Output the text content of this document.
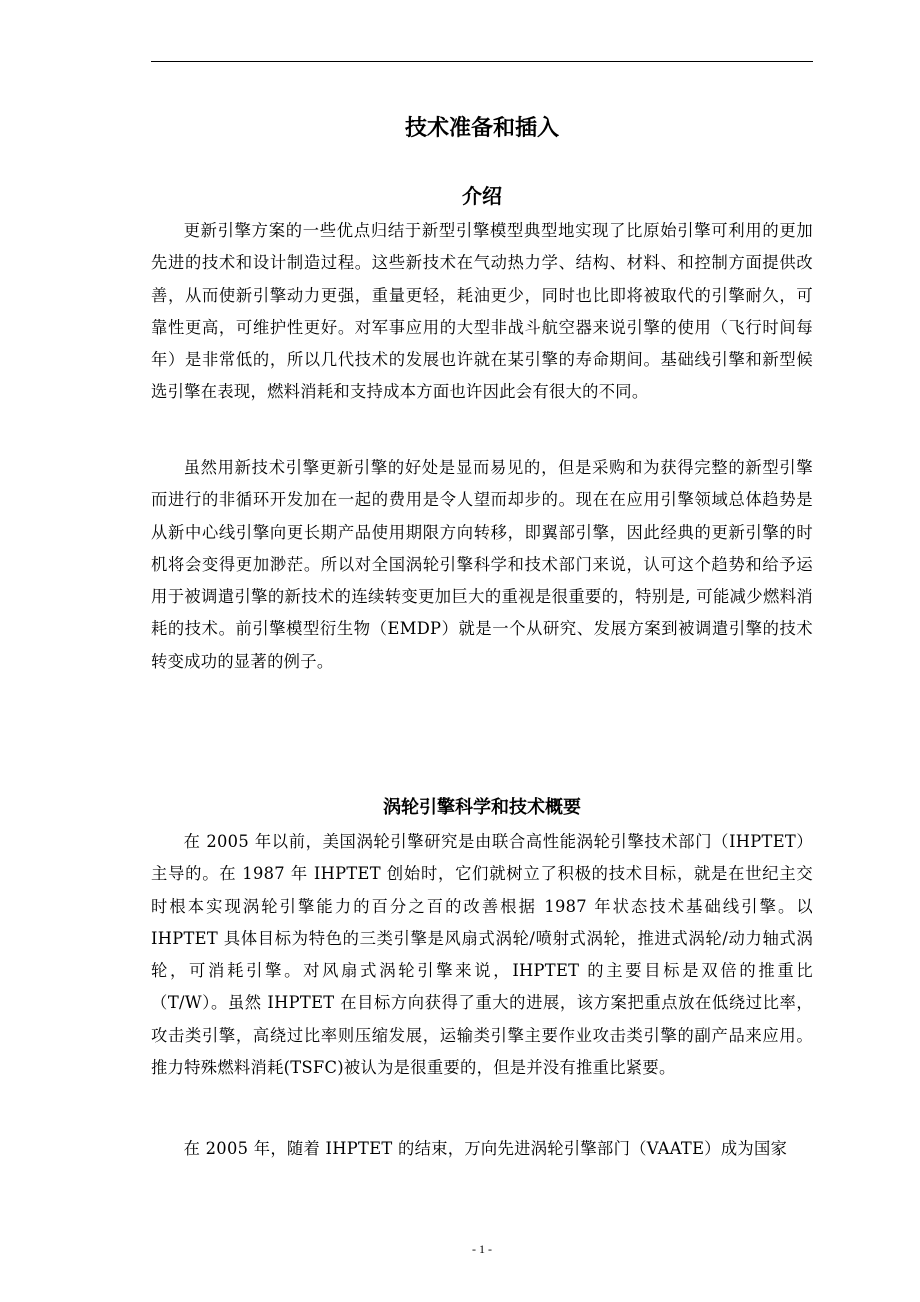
技术准备和插入
介绍

更新引擎方案的一些优点归结于新型引擎模型典型地实现了比原始引擎可利用的更加先进的技术和设计制造过程。这些新技术在气动热力学、结构、材料、和控制方面提供改善，从而使新引擎动力更强，重量更轻，耗油更少，同时也比即将被取代的引擎耐久，可靠性更高，可维护性更好。对军事应用的大型非战斗航空器来说引擎的使用（飞行时间每年）是非常低的，所以几代技术的发展也许就在某引擎的寿命期间。基础线引擎和新型候选引擎在表现，燃料消耗和支持成本方面也许因此会有很大的不同。

虽然用新技术引擎更新引擎的好处是显而易见的，但是采购和为获得完整的新型引擎而进行的非循环开发加在一起的费用是令人望而却步的。现在在应用引擎领域总体趋势是从新中心线引擎向更长期产品使用期限方向转移，即翼部引擎，因此经典的更新引擎的时机将会变得更加渺茫。所以对全国涡轮引擎科学和技术部门来说，认可这个趋势和给予运用于被调遣引擎的新技术的连续转变更加巨大的重视是很重要的，特别是, 可能减少燃料消耗的技术。前引擎模型衍生物（EMDP）就是一个从研究、发展方案到被调遣引擎的技术转变成功的显著的例子。

涡轮引擎科学和技术概要

在 2005 年以前，美国涡轮引擎研究是由联合高性能涡轮引擎技术部门（IHPTET）主导的。在 1987 年 IHPTET 创始时，它们就树立了积极的技术目标，就是在世纪主交时根本实现涡轮引擎能力的百分之百的改善根据 1987 年状态技术基础线引擎。以 IHPTET 具体目标为特色的三类引擎是风扇式涡轮/喷射式涡轮，推进式涡轮/动力轴式涡轮，可消耗引擎。对风扇式涡轮引擎来说，IHPTET 的主要目标是双倍的推重比（T/W）。虽然 IHPTET 在目标方向获得了重大的进展，该方案把重点放在低绕过比率，攻击类引擎，高绕过比率则压缩发展，运输类引擎主要作业攻击类引擎的副产品来应用。推力特殊燃料消耗(TSFC)被认为是很重要的，但是并没有推重比紧要。

在 2005 年，随着 IHPTET 的结束，万向先进涡轮引擎部门（VAATE）成为国家

- 1 -
